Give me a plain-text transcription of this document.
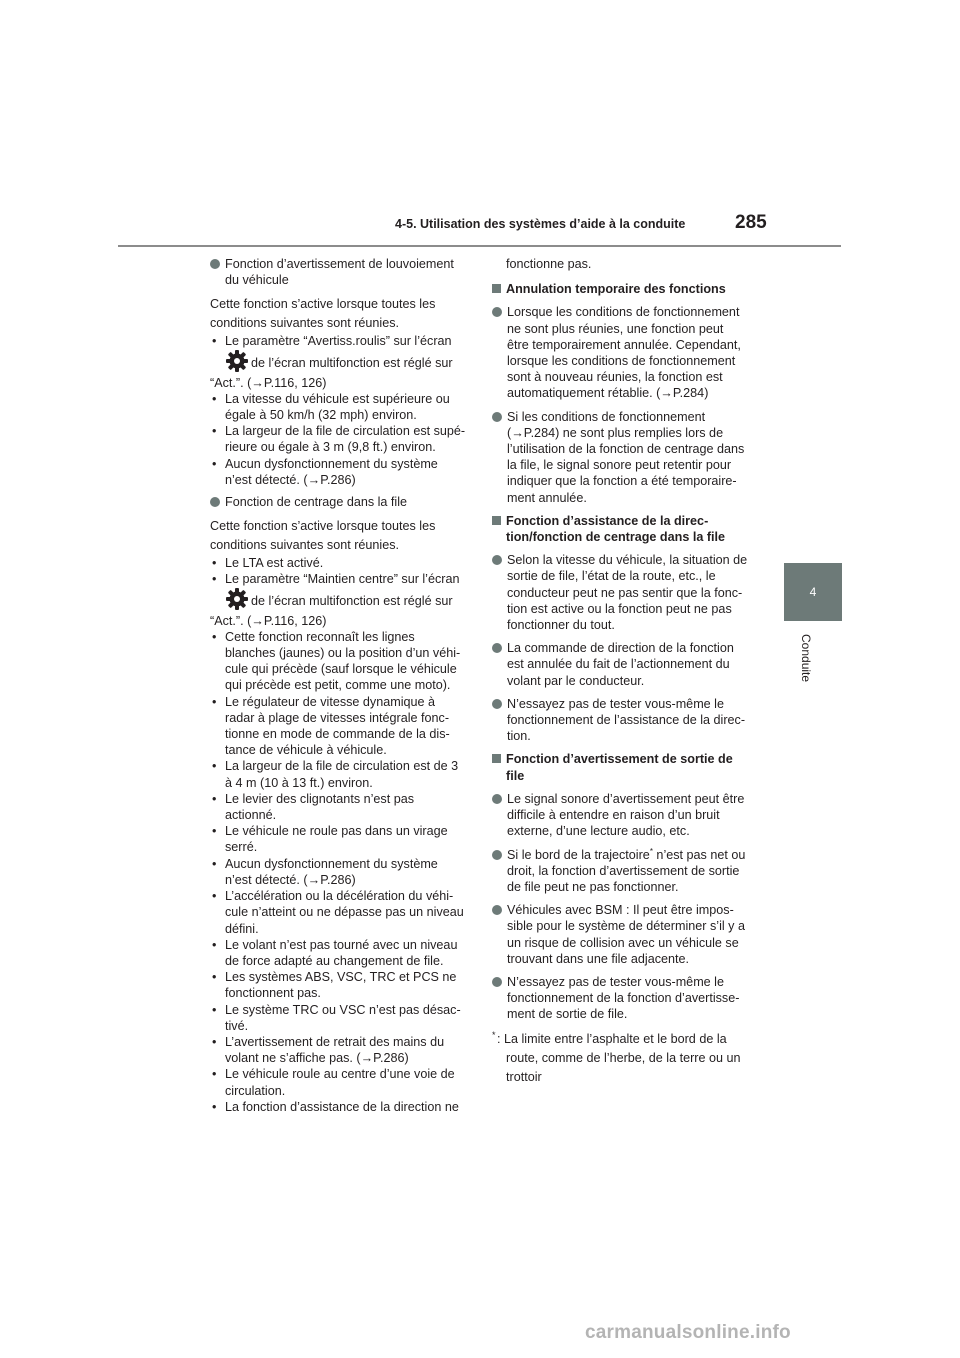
4-5. Utilisation des systèmes d’aide à la conduite	285
4
Conduite

Fonction d’avertissement de louvoiement

du véhicule

Cette fonction s’active lorsque toutes les

conditions suivantes sont réunies.

• Le paramètre “Avertiss.roulis” sur l’écran

de l’écran multifonction est réglé sur

“Act.”. (→P.116, 126)

• La vitesse du véhicule est supérieure ou

égale à 50 km/h (32 mph) environ.

• La largeur de la file de circulation est supé-

rieure ou égale à 3 m (9,8 ft.) environ.

• Aucun dysfonctionnement du système

n’est détecté. (→P.286)

Fonction de centrage dans la file

Cette fonction s’active lorsque toutes les

conditions suivantes sont réunies.

• Le LTA est activé.

• Le paramètre “Maintien centre” sur l’écran

de l’écran multifonction est réglé sur

“Act.”. (→P.116, 126)

• Cette fonction reconnaît les lignes

blanches (jaunes) ou la position d’un véhi-

cule qui précède (sauf lorsque le véhicule

qui précède est petit, comme une moto).

• Le régulateur de vitesse dynamique à

radar à plage de vitesses intégrale fonc-

tionne en mode de commande de la dis-

tance de véhicule à véhicule.

• La largeur de la file de circulation est de 3

à 4 m (10 à 13 ft.) environ.

• Le levier des clignotants n’est pas

actionné.

• Le véhicule ne roule pas dans un virage

serré.

• Aucun dysfonctionnement du système

n’est détecté. (→P.286)

• L’accélération ou la décélération du véhi-

cule n’atteint ou ne dépasse pas un niveau

défini.

• Le volant n’est pas tourné avec un niveau

de force adapté au changement de file.

• Les systèmes ABS, VSC, TRC et PCS ne

fonctionnent pas.

• Le système TRC ou VSC n’est pas désac-

tivé.

• L’avertissement de retrait des mains du

volant ne s’affiche pas. (→P.286)

• Le véhicule roule au centre d’une voie de

circulation.

• La fonction d’assistance de la direction ne

fonctionne pas.

Annulation temporaire des fonctions

Lorsque les conditions de fonctionnement

ne sont plus réunies, une fonction peut

être temporairement annulée. Cependant,

lorsque les conditions de fonctionnement

sont à nouveau réunies, la fonction est

automatiquement rétablie. (→P.284)

Si les conditions de fonctionnement

(→P.284) ne sont plus remplies lors de

l’utilisation de la fonction de centrage dans

la file, le signal sonore peut retentir pour

indiquer que la fonction a été temporaire-

ment annulée.

Fonction d’assistance de la direc-

tion/fonction de centrage dans la file

Selon la vitesse du véhicule, la situation de

sortie de file, l’état de la route, etc., le

conducteur peut ne pas sentir que la fonc-

tion est active ou la fonction peut ne pas

fonctionner du tout.

La commande de direction de la fonction

est annulée du fait de l’actionnement du

volant par le conducteur.

N’essayez pas de tester vous-même le

fonctionnement de l’assistance de la direc-

tion.

Fonction d’avertissement de sortie de

file

Le signal sonore d’avertissement peut être

difficile à entendre en raison d’un bruit

externe, d’une lecture audio, etc.

Si le bord de la trajectoire* n’est pas net ou

droit, la fonction d’avertissement de sortie

de file peut ne pas fonctionner.

Véhicules avec BSM : Il peut être impos-

sible pour le système de déterminer s’il y a

un risque de collision avec un véhicule se

trouvant dans une file adjacente.

N’essayez pas de tester vous-même le

fonctionnement de la fonction d’avertisse-

ment de sortie de file.

* : La limite entre l’asphalte et le bord de la

route, comme de l’herbe, de la terre ou un

trottoir

carmanualsonline.info
